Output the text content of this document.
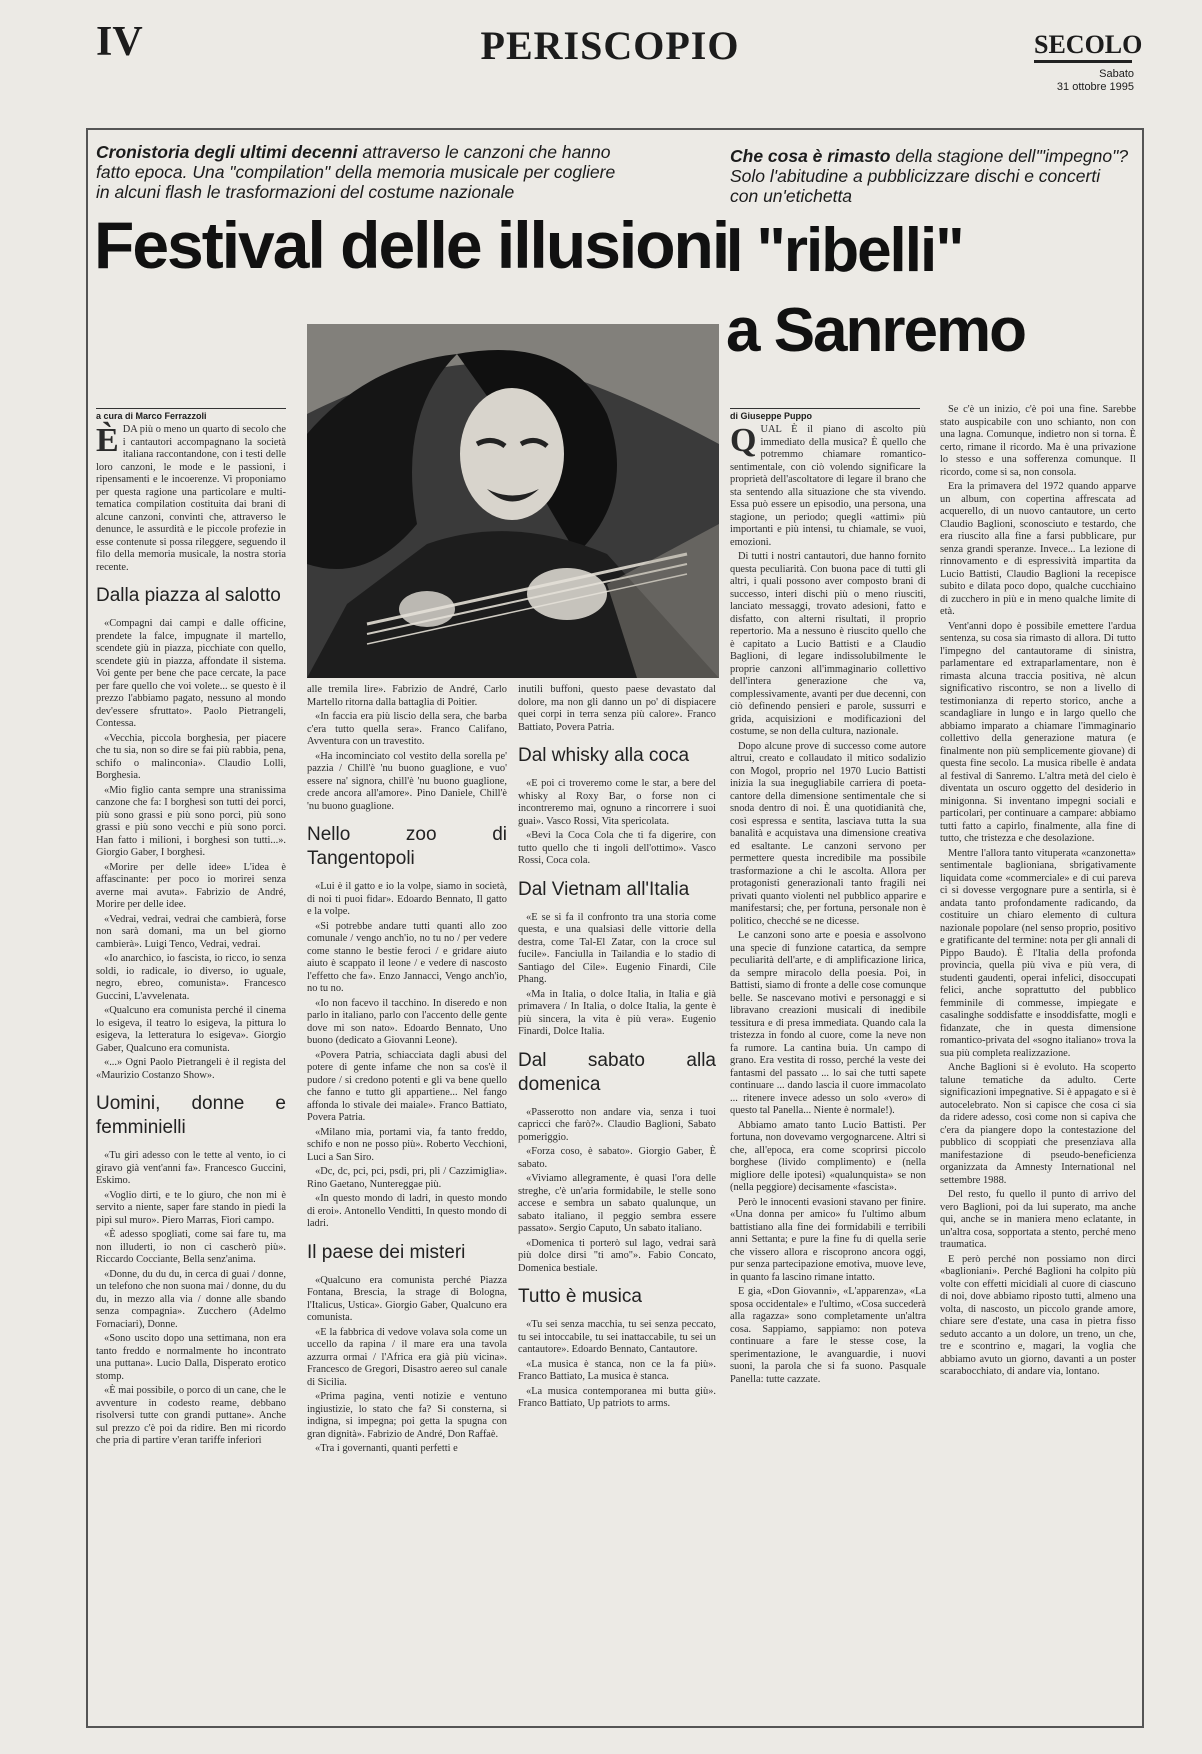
IV	PERISCOPIO	SECOLO
Sabato
31 ottobre 1995
Cronistoria degli ultimi decenni attraverso le canzoni che hanno fatto epoca. Una "compilation" della memoria musicale per cogliere in alcuni flash le trasformazioni del costume nazionale
Festival delle illusioni
a cura di Marco Ferrazzoli

ÈDA più o meno un quarto di secolo che i cantautori accompagnano la società italiana raccontandone, con i testi delle loro canzoni, le mode e le passioni, i ripensamenti e le incoerenze. Vi proponiamo per questa ragione una particolare e multi-tematica compilation costituita dai brani di alcune canzoni, convinti che, attraverso le denunce, le assurdità e le piccole profezie in esse contenute si possa rileggere, seguendo il filo della memoria musicale, la nostra storia recente.

Dalla piazza al salotto

«Compagni dai campi e dalle officine, prendete la falce, impugnate il martello, scendete giù in piazza, picchiate con quello, scendete giù in piazza, affondate il sistema. Voi gente per bene che pace cercate, la pace per fare quello che voi volete... se questo è il prezzo l'abbiamo pagato, nessuno al mondo dev'essere sfruttato». Paolo Pietrangeli, Contessa.

«Vecchia, piccola borghesia, per piacere che tu sia, non so dire se fai più rabbia, pena, schifo o malinconia». Claudio Lolli, Borghesia.

«Mio figlio canta sempre una stranissima canzone che fa: I borghesi son tutti dei porci, più sono grassi e più sono porci, più sono grassi e più sono vecchi e più sono porci. Han fatto i milioni, i borghesi son tutti...». Giorgio Gaber, I borghesi.

«Morire per delle idee» L'idea è affascinante: per poco io morirei senza averne mai avuta». Fabrizio de André, Morire per delle idee.

«Vedrai, vedrai, vedrai che cambierà, forse non sarà domani, ma un bel giorno cambierà». Luigi Tenco, Vedrai, vedrai.

«Io anarchico, io fascista, io ricco, io senza soldi, io radicale, io diverso, io uguale, negro, ebreo, comunista». Francesco Guccini, L'avvelenata.

«Qualcuno era comunista perché il cinema lo esigeva, il teatro lo esigeva, la pittura lo esigeva, la letteratura lo esigeva». Giorgio Gaber, Qualcuno era comunista.

«...» Ogni Paolo Pietrangeli è il regista del «Maurizio Costanzo Show».

Uomini, donne e femminielli

«Tu giri adesso con le tette al vento, io ci giravo già vent'anni fa». Francesco Guccini, Eskimo.

«Voglio dirti, e te lo giuro, che non mi è servito a niente, saper fare stando in piedi la pipì sul muro». Piero Marras, Fiori campo.

«È adesso spogliati, come sai fare tu, ma non illuderti, io non ci cascherò più». Riccardo Cocciante, Bella senz'anima.

«Donne, du du du, in cerca di guai / donne, un telefono che non suona mai / donne, du du du, in mezzo alla via / donne alle sbando senza compagnia». Zucchero (Adelmo Fornaciari), Donne.

«Sono uscito dopo una settimana, non era tanto freddo e normalmente ho incontrato una puttana». Lucio Dalla, Disperato erotico stomp.

«È mai possibile, o porco di un cane, che le avventure in codesto reame, debbano risolversi tutte con grandi puttane». Anche sul prezzo c'è poi da ridire. Ben mi ricordo che pria di partire v'eran tariffe inferiori

alle tremila lire». Fabrizio de André, Carlo Martello ritorna dalla battaglia di Poitier.

«In faccia era più liscio della sera, che barba c'era tutto quella sera». Franco Califano, Avventura con un travestito.

«Ha incominciato col vestito della sorella pe' pazzia / Chill'è 'nu buono guaglione, e vuo' essere na' signora, chill'è 'nu buono guaglione, crede ancora all'amore». Pino Daniele, Chill'è 'nu buono guaglione.

Nello zoo di Tangentopoli

«Lui è il gatto e io la volpe, siamo in società, di noi ti puoi fidar». Edoardo Bennato, Il gatto e la volpe.

«Si potrebbe andare tutti quanti allo zoo comunale / vengo anch'io, no tu no / per vedere come stanno le bestie feroci / e gridare aiuto aiuto è scappato il leone / e vedere di nascosto l'effetto che fa». Enzo Jannacci, Vengo anch'io, no tu no.

«Io non facevo il tacchino. In diseredo e non parlo in italiano, parlo con l'accento delle gente dove mi son nato». Edoardo Bennato, Uno buono (dedicato a Giovanni Leone).

«Povera Patria, schiacciata dagli abusi del potere di gente infame che non sa cos'è il pudore / si credono potenti e gli va bene quello che fanno e tutto gli appartiene... Nel fango affonda lo stivale dei maiale». Franco Battiato, Povera Patria.

«Milano mia, portami via, fa tanto freddo, schifo e non ne posso più». Roberto Vecchioni, Luci a San Siro.

«Dc, dc, pci, pci, psdi, pri, pli / Cazzimiglia». Rino Gaetano, Nuntereggae più.

«In questo mondo di ladri, in questo mondo di eroi». Antonello Venditti, In questo mondo di ladri.

Il paese dei misteri

«Qualcuno era comunista perché Piazza Fontana, Brescia, la strage di Bologna, l'Italicus, Ustica». Giorgio Gaber, Qualcuno era comunista.

«E la fabbrica di vedove volava sola come un uccello da rapina / il mare era una tavola azzurra ormai / l'Africa era già più vicina». Francesco de Gregori, Disastro aereo sul canale di Sicilia.

«Prima pagina, venti notizie e ventuno ingiustizie, lo stato che fa? Si consterna, si indigna, si impegna; poi getta la spugna con gran dignità». Fabrizio de André, Don Raffaè.

«Tra i governanti, quanti perfetti e

inutili buffoni, questo paese devastato dal dolore, ma non gli danno un po' di dispiacere quei corpi in terra senza più calore». Franco Battiato, Povera Patria.

Dal whisky alla coca

«E poi ci troveremo come le star, a bere del whisky al Roxy Bar, o forse non ci incontreremo mai, ognuno a rincorrere i suoi guai». Vasco Rossi, Vita spericolata.

«Bevi la Coca Cola che ti fa digerire, con tutto quello che ti ingoli dell'ottimo». Vasco Rossi, Coca cola.

Dal Vietnam all'Italia

«E se si fa il confronto tra una storia come questa, e una qualsiasi delle vittorie della destra, come Tal-El Zatar, con la croce sul fucile». Fanciulla in Tailandia e lo stadio di Santiago del Cile». Eugenio Finardi, Cile Phang.

«Ma in Italia, o dolce Italia, in Italia e già primavera / In Italia, o dolce Italia, la gente è più sincera, la vita è più vera». Eugenio Finardi, Dolce Italia.

Dal sabato alla domenica

«Passerotto non andare via, senza i tuoi capricci che farò?». Claudio Baglioni, Sabato pomeriggio.

«Forza coso, è sabato». Giorgio Gaber, È sabato.

«Viviamo allegramente, è quasi l'ora delle streghe, c'è un'aria formidabile, le stelle sono accese e sembra un sabato qualunque, un sabato italiano, il peggio sembra essere passato». Sergio Caputo, Un sabato italiano.

«Domenica ti porterò sul lago, vedrai sarà più dolce dirsi "ti amo"». Fabio Concato, Domenica bestiale.

Tutto è musica

«Tu sei senza macchia, tu sei senza peccato, tu sei intoccabile, tu sei inattaccabile, tu sei un cantautore». Edoardo Bennato, Cantautore.

«La musica è stanca, non ce la fa più». Franco Battiato, La musica è stanca.

«La musica contemporanea mi butta giù». Franco Battiato, Up patriots to arms.

Che cosa è rimasto della stagione dell'"impegno"? Solo l'abitudine a pubblicizzare dischi e concerti con un'etichetta
I "ribelli"
a Sanremo
di Giuseppe Puppo

QUAL È il piano di ascolto più immediato della musica? È quello che potremmo chiamare romantico-sentimentale, con ciò volendo significare la proprietà dell'ascoltatore di legare il brano che sta sentendo alla situazione che sta vivendo. Essa può essere un episodio, una persona, una stagione, un periodo; quegli «attimi» più importanti e più intensi, tu chiamale, se vuoi, emozioni.

Di tutti i nostri cantautori, due hanno fornito questa peculiarità. Con buona pace di tutti gli altri, i quali possono aver composto brani di successo, interi dischi più o meno riusciti, lanciato messaggi, trovato adesioni, fatto e disfatto, con alterni risultati, il proprio repertorio. Ma a nessuno è riuscito quello che è capitato a Lucio Battisti e a Claudio Baglioni, di legare indissolubilmente le proprie canzoni all'immaginario collettivo dell'intera generazione che va, complessivamente, avanti per due decenni, con ciò definendo pensieri e parole, sussurri e grida, acquisizioni e modificazioni del costume, se non della cultura, nazionale.

Dopo alcune prove di successo come autore altrui, creato e collaudato il mitico sodalizio con Mogol, proprio nel 1970 Lucio Battisti inizia la sua inegugliabile carriera di poeta-cantore della dimensione sentimentale che si snoda dentro di noi. È una quotidianità che, così espressa e sentita, lasciava tutta la sua banalità e acquistava una dimensione creativa ed esaltante. Le canzoni servono per permettere questa incredibile ma possibile trasformazione a chi le ascolta. Allora per protagonisti generazionali tanto fragili nei privati quanto violenti nel pubblico apparire e manifestarsi; che, per fortuna, personale non è politico, checché se ne dicesse.

Le canzoni sono arte e poesia e assolvono una specie di funzione catartica, da sempre peculiarità dell'arte, e di amplificazione lirica, da sempre miracolo della poesia. Poi, in Battisti, siamo di fronte a delle cose comunque belle. Se nascevano motivi e personaggi e si libravano creazioni musicali di inedibile tessitura e di presa immediata. Quando cala la tristezza in fondo al cuore, come la neve non fa rumore. La cantina buia. Un campo di grano. Era vestita di rosso, perché la veste dei fantasmi del passato ... lo sai che tutti sapete continuare ... dando lascia il cuore immacolato ... ritenere invece adesso un solo «vero» di questo tal Panella... Niente è normale!).

Abbiamo amato tanto Lucio Battisti. Per fortuna, non dovevamo vergognarcene. Altri sì che, all'epoca, era come scoprirsi piccolo borghese (livido complimento) e (nella migliore delle ipotesi) «qualunquista» se non (nella peggiore) decisamente «fascista».

Però le innocenti evasioni stavano per finire. «Una donna per amico» fu l'ultimo album battistiano alla fine dei formidabili e terribili anni Settanta; e pure la fine fu di quella serie che vissero allora e riscoprono ancora oggi, pur senza partecipazione emotiva, muove leve, in quanto fa lascino rimane intatto.

E gia, «Don Giovanni», «L'apparenza», «La sposa occidentale» e l'ultimo, «Cosa succederà alla ragazza» sono completamente un'altra cosa. Sappiamo, sappiamo: non poteva continuare a fare le stesse cose, la sperimentazione, le avanguardie, i nuovi suoni, la parola che si fa suono. Pasquale Panella: tutte cazzate.

Se c'è un inizio, c'è poi una fine. Sarebbe stato auspicabile con uno schianto, non con una lagna. Comunque, indietro non si torna. È certo, rimane il ricordo. Ma è una privazione lo stesso e una sofferenza comunque. Il ricordo, come si sa, non consola.

Era la primavera del 1972 quando apparve un album, con copertina affrescata ad acquerello, di un nuovo cantautore, un certo Claudio Baglioni, sconosciuto e testardo, che era riuscito alla fine a farsi pubblicare, pur senza grandi speranze. Invece... La lezione di rinnovamento e di espressività impartita da Lucio Battisti, Claudio Baglioni la recepisce subito e dilata poco dopo, qualche cucchiaino di zucchero in più e in meno qualche limite di età.

Vent'anni dopo è possibile emettere l'ardua sentenza, su cosa sia rimasto di allora. Di tutto l'impegno del cantautorame di sinistra, parlamentare ed extraparlamentare, non è rimasta alcuna traccia positiva, nè alcun significativo riscontro, se non a livello di testimonianza di reperto storico, anche a scandagliare in lungo e in largo quello che abbiamo imparato a chiamare l'immaginario collettivo della generazione matura (e finalmente non più semplicemente giovane) di questa fine secolo. La musica ribelle è andata al festival di Sanremo. L'altra metà del cielo è diventata un oscuro oggetto del desiderio in minigonna. Si inventano impegni sociali e particolari, per continuare a campare: abbiamo tutti fatto a capirlo, finalmente, alla fine di tutto, che tristezza e che desolazione.

Mentre l'allora tanto vituperata «canzonetta» sentimentale baglioniana, sbrigativamente liquidata come «commerciale» e di cui pareva ci si dovesse vergognare pure a sentirla, si è andata tanto profondamente radicando, da costituire un chiaro elemento di cultura nazionale popolare (nel senso proprio, positivo e gratificante del termine: nota per gli annali di Pippo Baudo). È l'Italia della profonda provincia, quella più viva e più vera, di studenti gaudenti, operai infelici, disoccupati felici, anche soprattutto del pubblico femminile di commesse, impiegate e casalinghe soddisfatte e insoddisfatte, mogli e fidanzate, che in questa dimensione romantico-privata del «sogno italiano» trova la sua più completa realizzazione.

Anche Baglioni si è evoluto. Ha scoperto talune tematiche da adulto. Certe significazioni impegnative. Si è appagato e si è autocelebrato. Non si capisce che cosa ci sia da ridere adesso, così come non si capiva che c'era da piangere dopo la contestazione del pubblico di scoppiati che presenziava alla manifestazione di pseudo-beneficienza organizzata da Amnesty International nel settembre 1988.

Del resto, fu quello il punto di arrivo del vero Baglioni, poi da lui superato, ma anche qui, anche se in maniera meno eclatante, in un'altra cosa, sopportata a stento, perché meno traumatica.

E però perché non possiamo non dirci «baglioniani». Perché Baglioni ha colpito più volte con effetti micidiali al cuore di ciascuno di noi, dove abbiamo riposto tutti, almeno una volta, di nascosto, un piccolo grande amore, chiare sere d'estate, una casa in pietra fisso seduto accanto a un dolore, un treno, un che, tre e scontrino e, magari, la voglia che abbiamo avuto un giorno, davanti a un poster scarabocchiato, di andare via, lontano.
